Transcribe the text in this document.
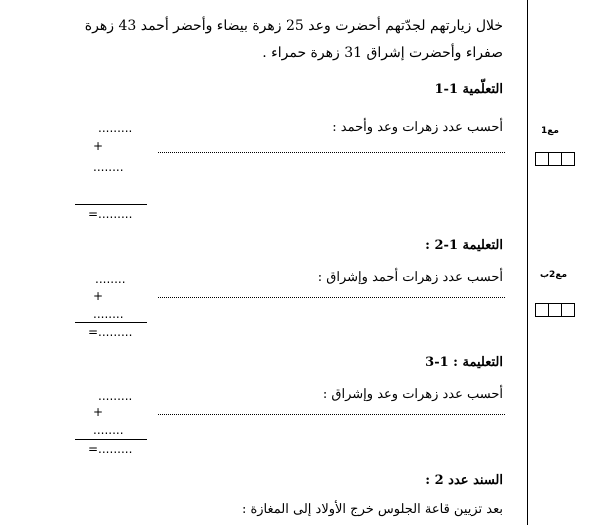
خلال زيارتهم لجدّتهم أحضرت وعد 25 زهرة بيضاء وأحضر أحمد 43 زهرة
صفراء وأحضرت إشراق 31 زهرة حمراء .
التعلّمية 1-1
أحسب عدد زهرات وعد وأحمد :
.........
+
........
=.........
مع1
التعليمة 1-2 :
أحسب عدد زهرات أحمد وإشراق :
........
+
........
=.........
مع2ب
التعليمة : 1-3
أحسب عدد زهرات وعد وإشراق :
.........
+
........
=.........
السند عدد 2 :
بعد تزيين قاعة الجلوس خرج الأولاد إلى المغازة :
